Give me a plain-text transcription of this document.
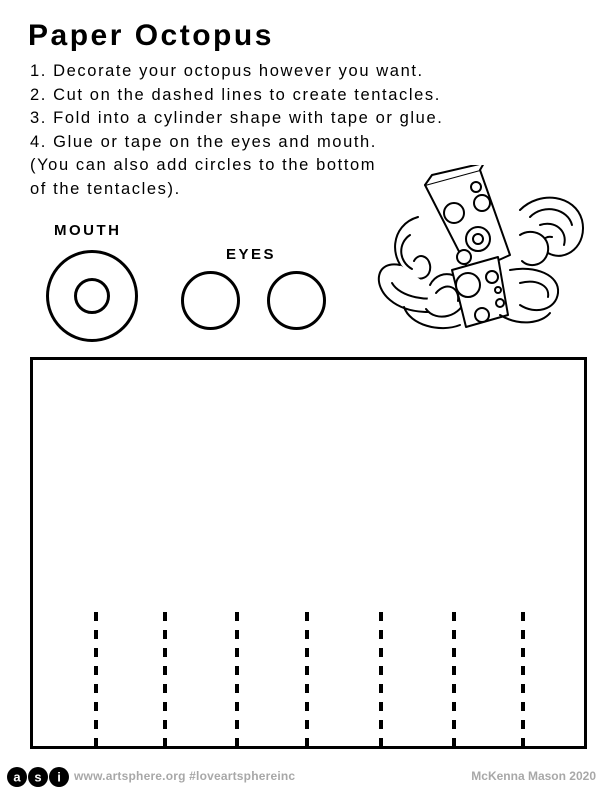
Paper Octopus
1. Decorate your octopus however you want.
2. Cut on the dashed lines to create tentacles.
3. Fold into a cylinder shape with tape or glue.
4. Glue or tape on the eyes and mouth.
(You can also add circles to the bottom
of the tentacles).
MOUTH
EYES
a s i www.artsphere.org #loveartsphereinc	McKenna Mason 2020
